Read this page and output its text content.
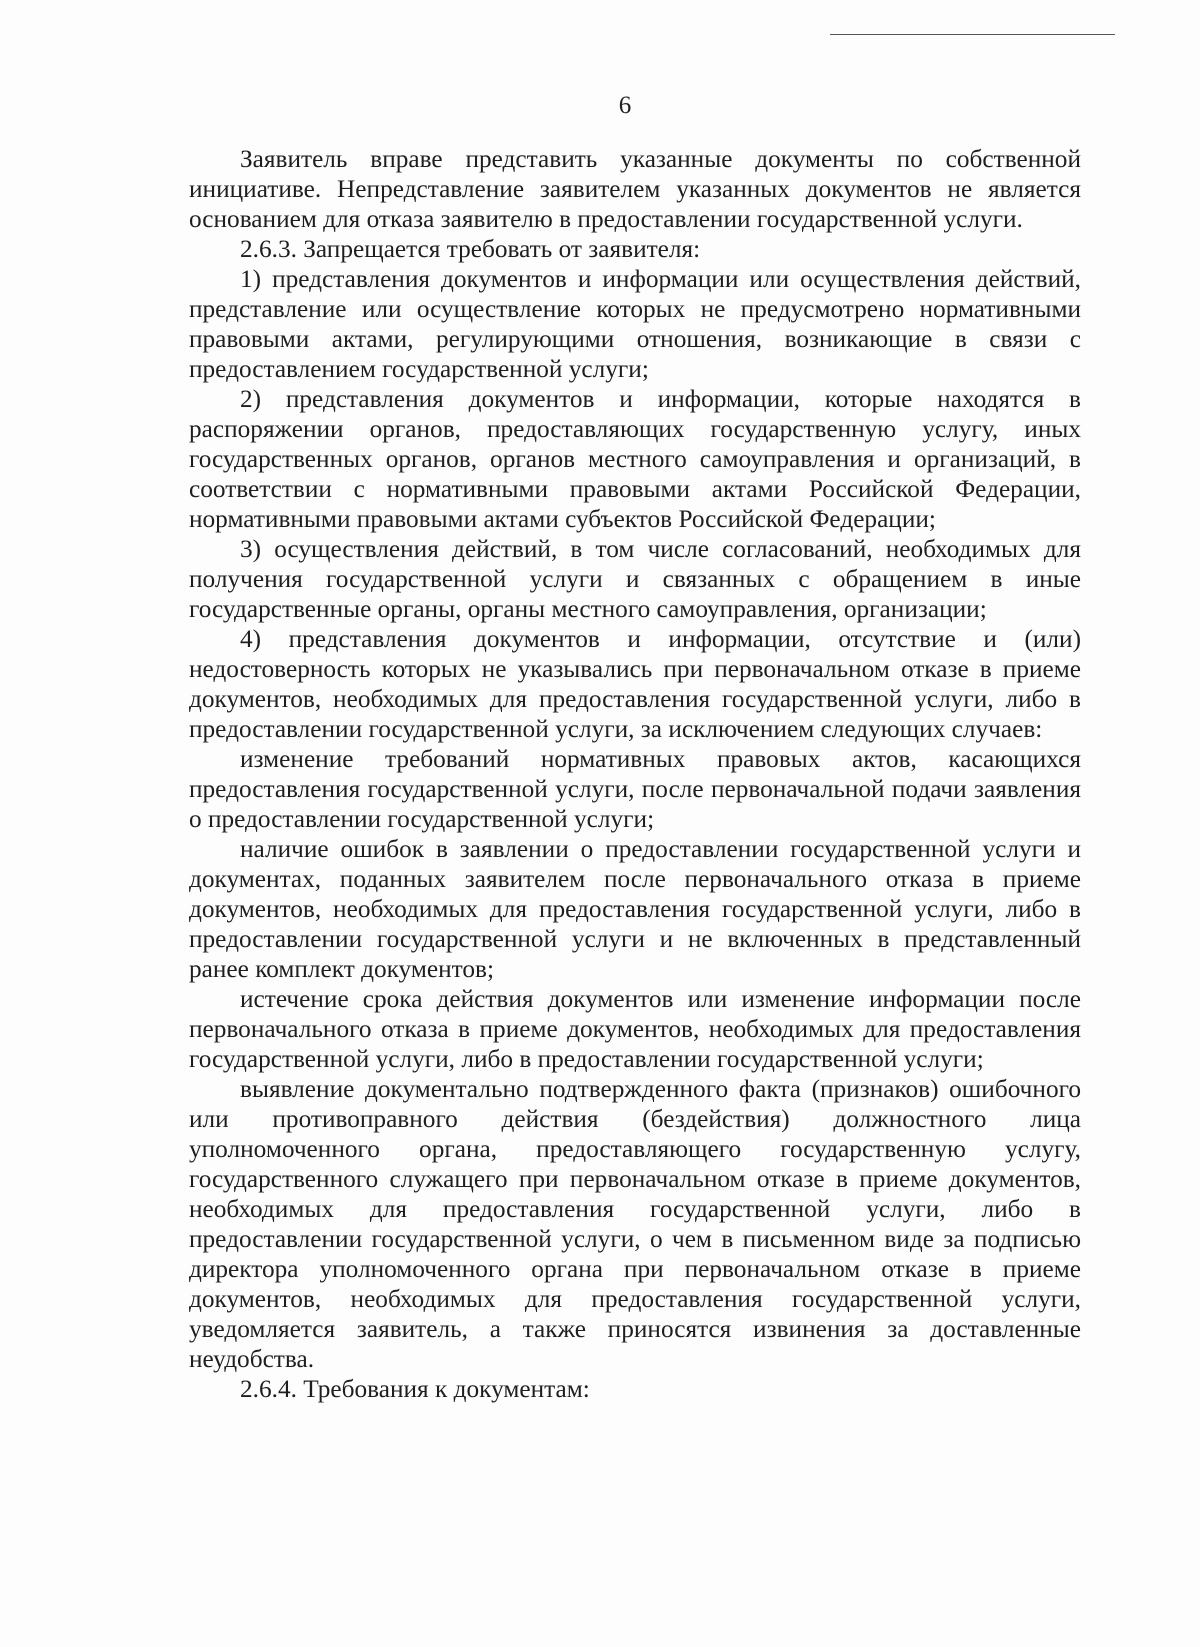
6

Заявитель вправе представить указанные документы по собственной инициативе. Непредставление заявителем указанных документов не является основанием для отказа заявителю в предоставлении государственной услуги.

2.6.3. Запрещается требовать от заявителя:

1) представления документов и информации или осуществления действий, представление или осуществление которых не предусмотрено нормативными правовыми актами, регулирующими отношения, возникающие в связи с предоставлением государственной услуги;

2) представления документов и информации, которые находятся в распоряжении органов, предоставляющих государственную услугу, иных государственных органов, органов местного самоуправления и организаций, в соответствии с нормативными правовыми актами Российской Федерации, нормативными правовыми актами субъектов Российской Федерации;

3) осуществления действий, в том числе согласований, необходимых для получения государственной услуги и связанных с обращением в иные государственные органы, органы местного самоуправления, организации;

4) представления документов и информации, отсутствие и (или) недостоверность которых не указывались при первоначальном отказе в приеме документов, необходимых для предоставления государственной услуги, либо в предоставлении государственной услуги, за исключением следующих случаев:

изменение требований нормативных правовых актов, касающихся предоставления государственной услуги, после первоначальной подачи заявления о предоставлении государственной услуги;

наличие ошибок в заявлении о предоставлении государственной услуги и документах, поданных заявителем после первоначального отказа в приеме документов, необходимых для предоставления государственной услуги, либо в предоставлении государственной услуги и не включенных в представленный ранее комплект документов;

истечение срока действия документов или изменение информации после первоначального отказа в приеме документов, необходимых для предоставления государственной услуги, либо в предоставлении государственной услуги;

выявление документально подтвержденного факта (признаков) ошибочного или противоправного действия (бездействия) должностного лица уполномоченного органа, предоставляющего государственную услугу, государственного служащего при первоначальном отказе в приеме документов, необходимых для предоставления государственной услуги, либо в предоставлении государственной услуги, о чем в письменном виде за подписью директора уполномоченного органа при первоначальном отказе в приеме документов, необходимых для предоставления государственной услуги, уведомляется заявитель, а также приносятся извинения за доставленные неудобства.

2.6.4. Требования к документам:
